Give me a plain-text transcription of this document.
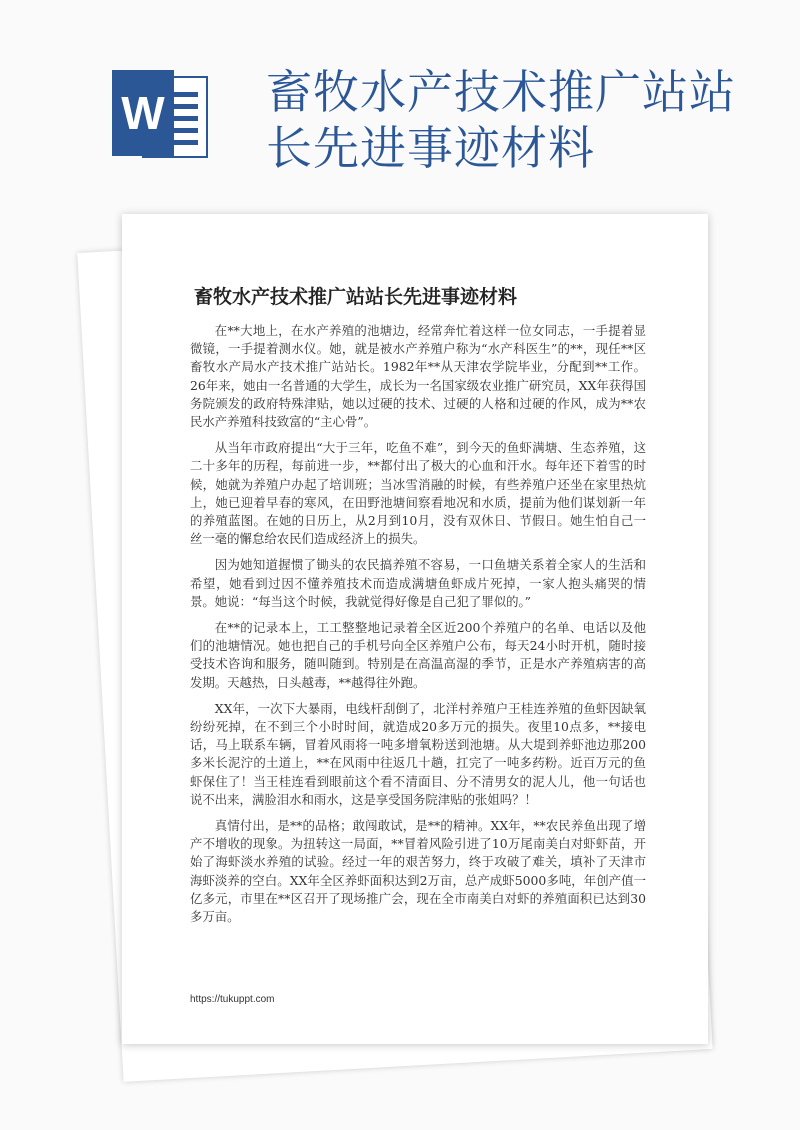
W 畜牧水产技术推广站站长先进事迹材料
畜牧水产技术推广站站长先进事迹材料

在**大地上，在水产养殖的池塘边，经常奔忙着这样一位女同志，一手提着显微镜，一手提着测水仪。她，就是被水产养殖户称为“水产科医生”的**，现任**区畜牧水产局水产技术推广站站长。1982年**从天津农学院毕业，分配到**工作。26年来，她由一名普通的大学生，成长为一名国家级农业推广研究员，XX年获得国务院颁发的政府特殊津贴，她以过硬的技术、过硬的人格和过硬的作风，成为**农民水产养殖科技致富的“主心骨”。

从当年市政府提出“大于三年，吃鱼不难”，到今天的鱼虾满塘、生态养殖，这二十多年的历程，每前进一步，**都付出了极大的心血和汗水。每年还下着雪的时候，她就为养殖户办起了培训班；当冰雪消融的时候，有些养殖户还坐在家里热炕上，她已迎着早春的寒风，在田野池塘间察看地况和水质，提前为他们谋划新一年的养殖蓝图。在她的日历上，从2月到10月，没有双休日、节假日。她生怕自己一丝一毫的懈怠给农民们造成经济上的损失。

因为她知道握惯了锄头的农民搞养殖不容易，一口鱼塘关系着全家人的生活和希望，她看到过因不懂养殖技术而造成满塘鱼虾成片死掉，一家人抱头痛哭的情景。她说：“每当这个时候，我就觉得好像是自己犯了罪似的。”

在**的记录本上，工工整整地记录着全区近200个养殖户的名单、电话以及他们的池塘情况。她也把自己的手机号向全区养殖户公布，每天24小时开机，随时接受技术咨询和服务，随叫随到。特别是在高温高湿的季节，正是水产养殖病害的高发期。天越热，日头越毒，**越得往外跑。

XX年，一次下大暴雨，电线杆刮倒了，北洋村养殖户王桂连养殖的鱼虾因缺氧纷纷死掉，在不到三个小时时间，就造成20多万元的损失。夜里10点多，**接电话，马上联系车辆，冒着风雨将一吨多增氧粉送到池塘。从大堤到养虾池边那200多米长泥泞的土道上，**在风雨中往返几十趟，扛完了一吨多药粉。近百万元的鱼虾保住了！当王桂连看到眼前这个看不清面目、分不清男女的泥人儿，他一句话也说不出来，满脸泪水和雨水，这是享受国务院津贴的张姐吗？！

真情付出，是**的品格；敢闯敢试，是**的精神。XX年，**农民养鱼出现了增产不增收的现象。为扭转这一局面，**冒着风险引进了10万尾南美白对虾虾苗，开始了海虾淡水养殖的试验。经过一年的艰苦努力，终于攻破了难关，填补了天津市海虾淡养的空白。XX年全区养虾面积达到2万亩，总产成虾5000多吨，年创产值一亿多元，市里在**区召开了现场推广会，现在全市南美白对虾的养殖面积已达到30多万亩。

https://tukuppt.com
